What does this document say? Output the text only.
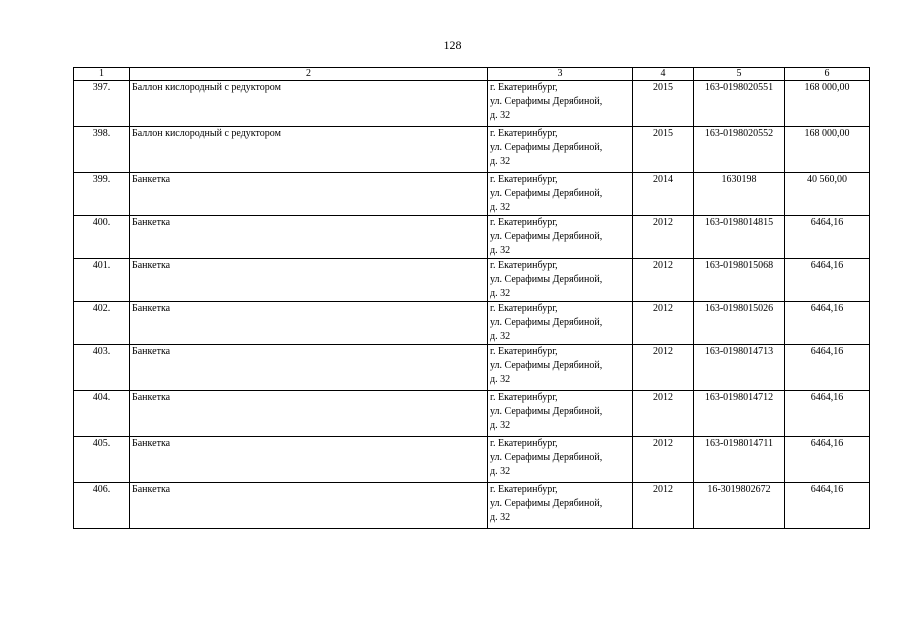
128
1	2	3	4	5	6
397.	Баллон кислородный с редуктором	г. Екатеринбург,
ул. Серафимы Дерябиной,
д. 32	2015	163-0198020551	168 000,00
398.	Баллон кислородный с редуктором	г. Екатеринбург,
ул. Серафимы Дерябиной,
д. 32	2015	163-0198020552	168 000,00
399.	Банкетка	г. Екатеринбург,
ул. Серафимы Дерябиной,
д. 32	2014	1630198	40 560,00
400.	Банкетка	г. Екатеринбург,
ул. Серафимы Дерябиной,
д. 32	2012	163-0198014815	6464,16
401.	Банкетка	г. Екатеринбург,
ул. Серафимы Дерябиной,
д. 32	2012	163-0198015068	6464,16
402.	Банкетка	г. Екатеринбург,
ул. Серафимы Дерябиной,
д. 32	2012	163-0198015026	6464,16
403.	Банкетка	г. Екатеринбург,
ул. Серафимы Дерябиной,
д. 32	2012	163-0198014713	6464,16
404.	Банкетка	г. Екатеринбург,
ул. Серафимы Дерябиной,
д. 32	2012	163-0198014712	6464,16
405.	Банкетка	г. Екатеринбург,
ул. Серафимы Дерябиной,
д. 32	2012	163-0198014711	6464,16
406.	Банкетка	г. Екатеринбург,
ул. Серафимы Дерябиной,
д. 32	2012	16-3019802672	6464,16
